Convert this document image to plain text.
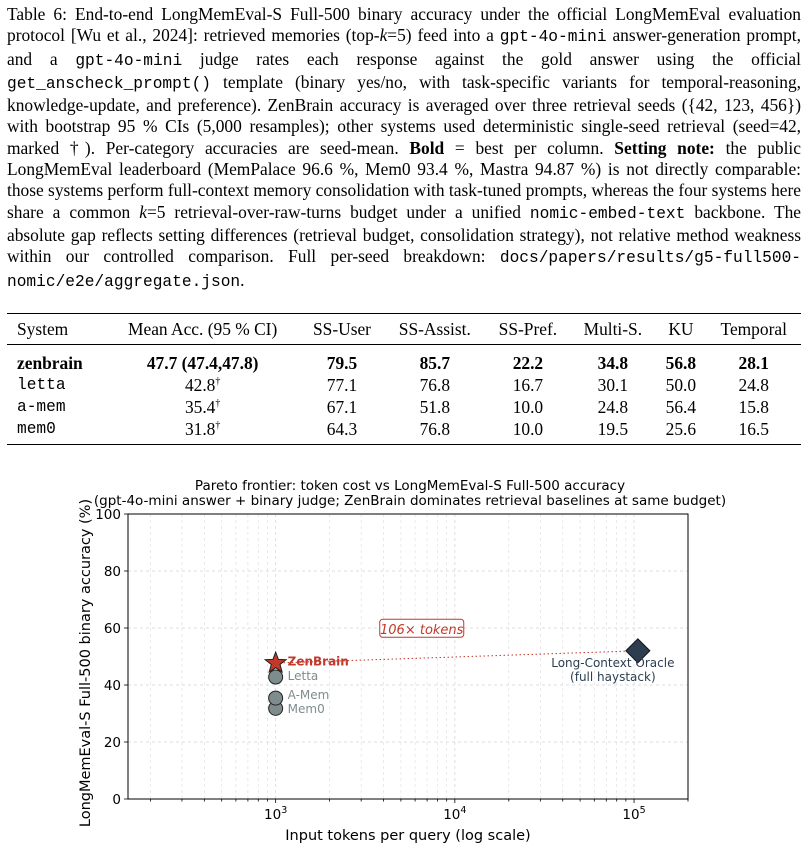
Table 6: End-to-end LongMemEval-S Full-500 binary accuracy under the official LongMemEval evaluation protocol [Wu et al., 2024]: retrieved memories (top-k=5) feed into a gpt-4o-mini answer-generation prompt, and a gpt-4o-mini judge rates each response against the gold answer using the official get_anscheck_prompt() template (binary yes/no, with task-specific variants for temporal-reasoning, knowledge-update, and preference). ZenBrain accuracy is averaged over three retrieval seeds ({42, 123, 456}) with bootstrap 95 % CIs (5,000 resamples); other systems used deterministic single-seed retrieval (seed=42, marked †). Per-category accuracies are seed-mean. Bold = best per column. Setting note: the public LongMemEval leaderboard (MemPalace 96.6 %, Mem0 93.4 %, Mastra 94.87 %) is not directly comparable: those systems perform full-context memory consolidation with task-tuned prompts, whereas the four systems here share a common k=5 retrieval-over-raw-turns budget under a unified nomic-embed-text backbone. The absolute gap reflects setting differences (retrieval budget, consolidation strategy), not relative method weakness within our controlled comparison. Full per-seed breakdown: docs/papers/results/g5-full500-nomic/e2e/aggregate.json.
System	Mean Acc. (95 % CI)	SS-User	SS-Assist.	SS-Pref.	Multi-S.	KU	Temporal
zenbrain	47.7 (47.4,47.8)	79.5	85.7	22.2	34.8	56.8	28.1
letta	42.8†	77.1	76.8	16.7	30.1	50.0	24.8
a-mem	35.4†	67.1	51.8	10.0	24.8	56.4	15.8
mem0	31.8†	64.3	76.8	10.0	19.5	25.6	16.5
Pareto frontier: token cost vs LongMemEval-S Full-500 accuracy
(gpt-4o-mini answer + binary judge; ZenBrain dominates retrieval baselines at same budget)
0
20
40
60
80
100
$10^3$	$10^4$	$10^5$
106× tokens
ZenBrain
Letta
A-Mem
Mem0
Long-Context Oracle
(full haystack)
Input tokens per query (log scale)
LongMemEval-S Full-500 binary accuracy (%)
